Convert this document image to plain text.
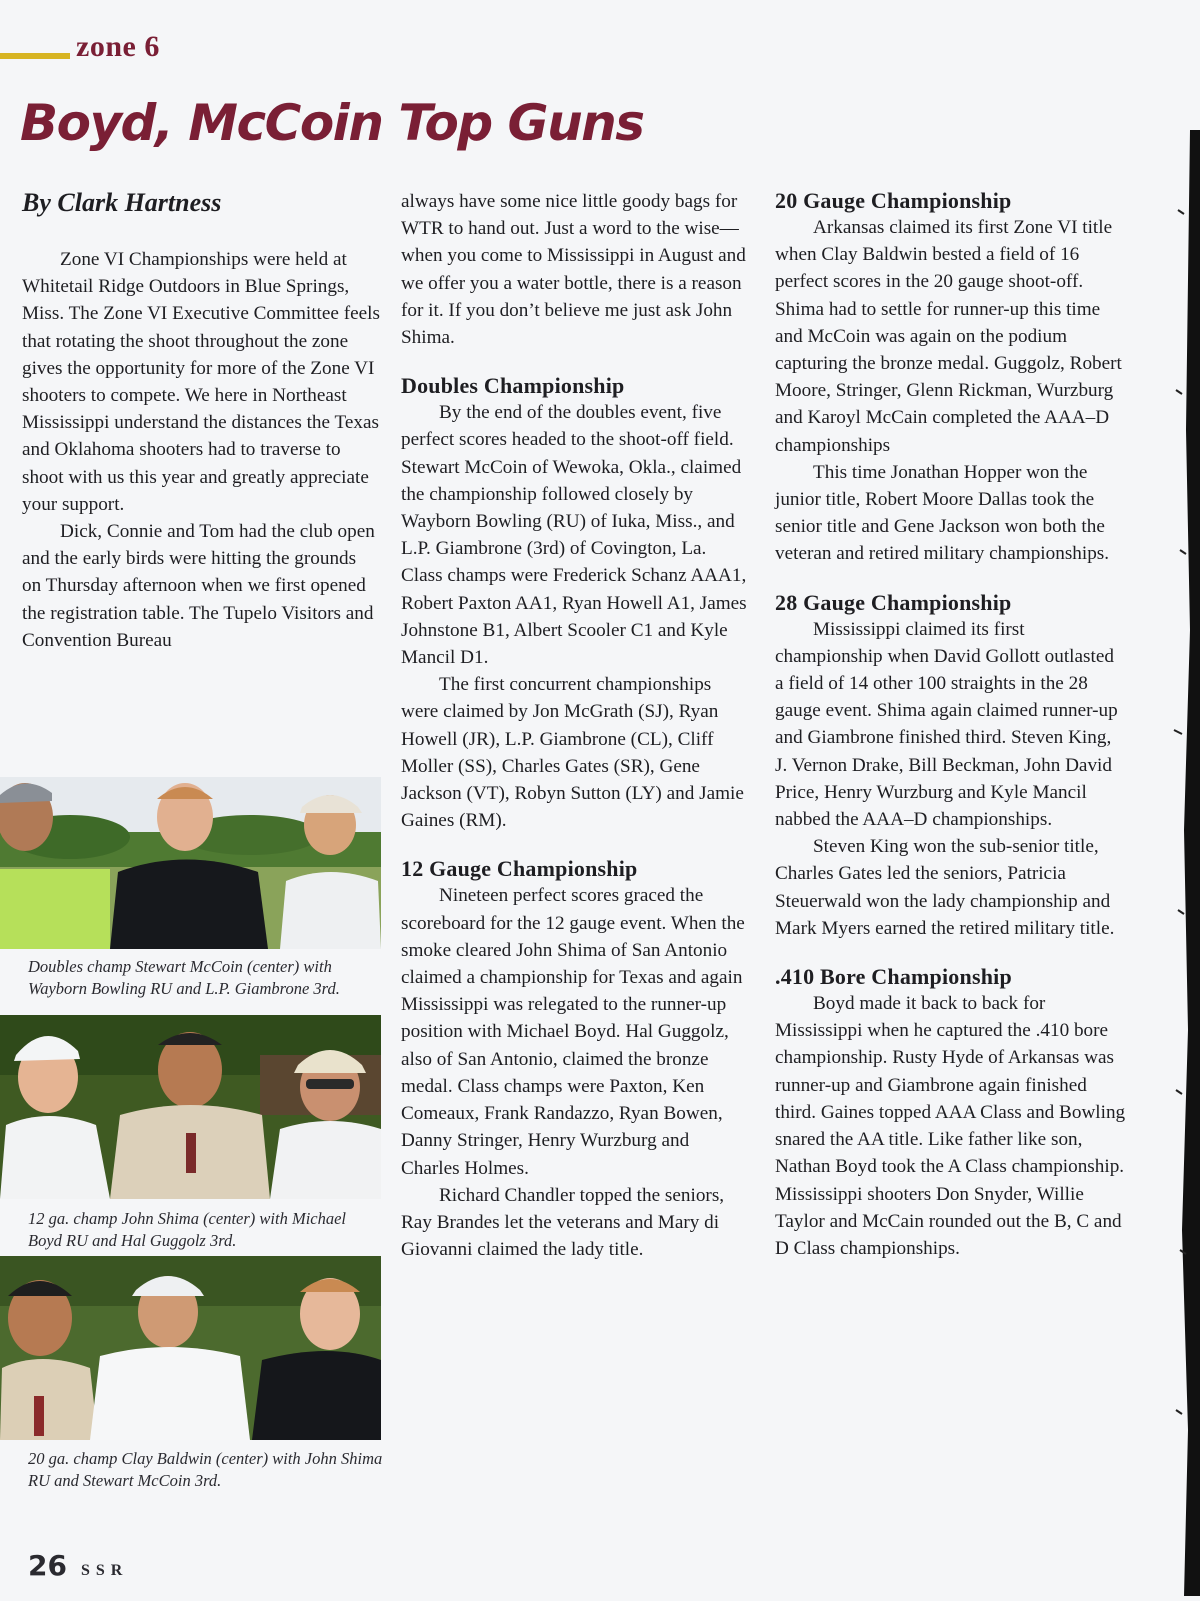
zone 6
Boyd, McCoin Top Guns
By Clark Hartness

Zone VI Championships were held at Whitetail Ridge Outdoors in Blue Springs, Miss. The Zone VI Executive Committee feels that rotating the shoot throughout the zone gives the opportunity for more of the Zone VI shooters to compete. We here in Northeast Mississippi understand the distances the Texas and Oklahoma shooters had to traverse to shoot with us this year and greatly appreciate your support.

Dick, Connie and Tom had the club open and the early birds were hitting the grounds on Thursday afternoon when we first opened the registration table. The Tupelo Visitors and Convention Bureau

Doubles champ Stewart McCoin (center) with Wayborn Bowling RU and L.P. Giambrone 3rd.
12 ga. champ John Shima (center) with Michael Boyd RU and Hal Guggolz 3rd.
20 ga. champ Clay Baldwin (center) with John Shima RU and Stewart McCoin 3rd.

always have some nice little goody bags for WTR to hand out. Just a word to the wise—when you come to Mississippi in August and we offer you a water bottle, there is a reason for it. If you don’t believe me just ask John Shima.

Doubles Championship

By the end of the doubles event, five perfect scores headed to the shoot-off field. Stewart McCoin of Wewoka, Okla., claimed the championship followed closely by Wayborn Bowling (RU) of Iuka, Miss., and L.P. Giambrone (3rd) of Covington, La. Class champs were Frederick Schanz AAA1, Robert Paxton AA1, Ryan Howell A1, James Johnstone B1, Albert Scooler C1 and Kyle Mancil D1.

The first concurrent championships were claimed by Jon McGrath (SJ), Ryan Howell (JR), L.P. Giambrone (CL), Cliff Moller (SS), Charles Gates (SR), Gene Jackson (VT), Robyn Sutton (LY) and Jamie Gaines (RM).

12 Gauge Championship

Nineteen perfect scores graced the scoreboard for the 12 gauge event. When the smoke cleared John Shima of San Antonio claimed a championship for Texas and again Mississippi was relegated to the runner-up position with Michael Boyd. Hal Guggolz, also of San Antonio, claimed the bronze medal. Class champs were Paxton, Ken Comeaux, Frank Randazzo, Ryan Bowen, Danny Stringer, Henry Wurzburg and Charles Holmes.

Richard Chandler topped the seniors, Ray Brandes let the veterans and Mary di Giovanni claimed the lady title.

20 Gauge Championship

Arkansas claimed its first Zone VI title when Clay Baldwin bested a field of 16 perfect scores in the 20 gauge shoot-off. Shima had to settle for runner-up this time and McCoin was again on the podium capturing the bronze medal. Guggolz, Robert Moore, Stringer, Glenn Rickman, Wurzburg and Karoyl McCain completed the AAA–D championships

This time Jonathan Hopper won the junior title, Robert Moore Dallas took the senior title and Gene Jackson won both the veteran and retired military championships.

28 Gauge Championship

Mississippi claimed its first championship when David Gollott outlasted a field of 14 other 100 straights in the 28 gauge event. Shima again claimed runner-up and Giambrone finished third. Steven King, J. Vernon Drake, Bill Beckman, John David Price, Henry Wurzburg and Kyle Mancil nabbed the AAA–D championships.

Steven King won the sub-senior title, Charles Gates led the seniors, Patricia Steuerwald won the lady championship and Mark Myers earned the retired military title.

.410 Bore Championship

Boyd made it back to back for Mississippi when he captured the .410 bore championship. Rusty Hyde of Arkansas was runner-up and Giambrone again finished third. Gaines topped AAA Class and Bowling snared the AA title. Like father like son, Nathan Boyd took the A Class championship. Mississippi shooters Don Snyder, Willie Taylor and McCain rounded out the B, C and D Class championships.

26 SSR
